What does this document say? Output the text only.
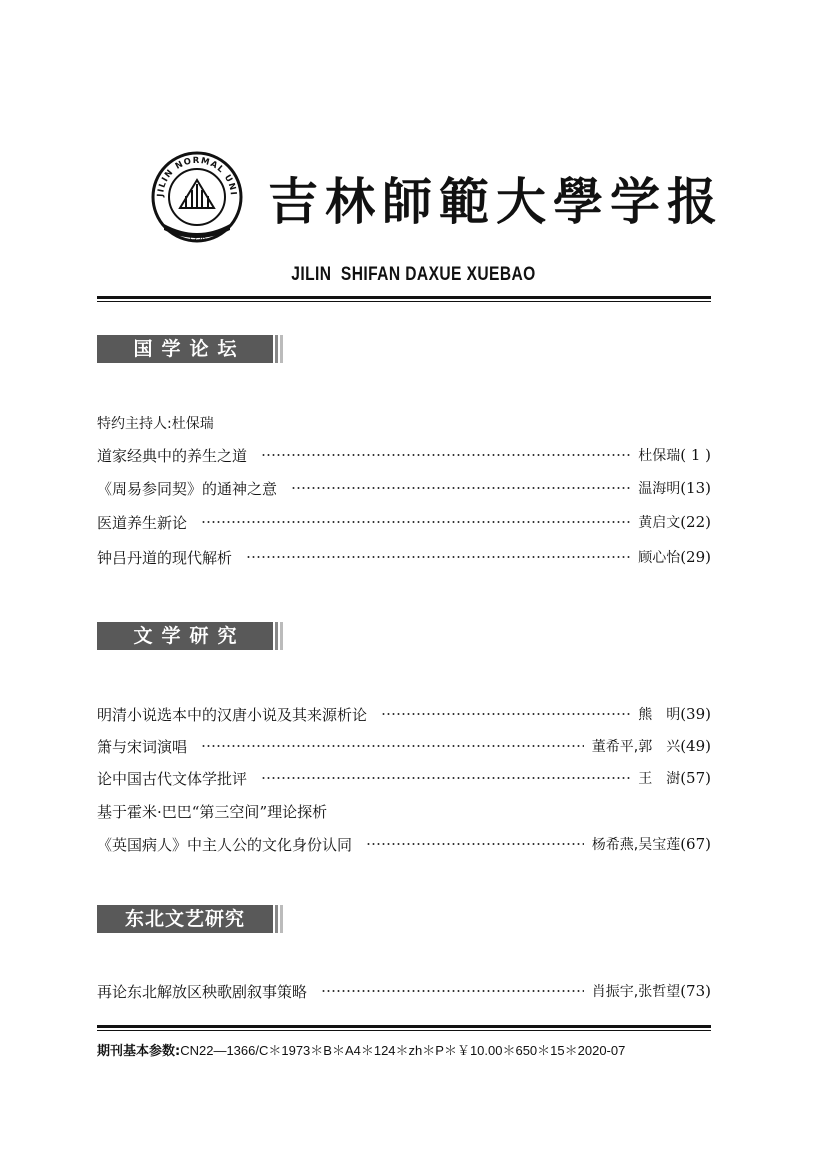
JILIN NORMAL UNI
1958
吉林師範大學学报
JILIN  SHIFAN DAXUE XUEBAO
国学论坛
特约主持人:杜保瑞
道家经典中的养生之道	杜保瑞 ( 1 )
《周易参同契》的通神之意	温海明 (13)
医道养生新论	黄启文 (22)
钟吕丹道的现代解析	顾心怡 (29)
文学研究
明清小说选本中的汉唐小说及其来源析论	熊　明 (39)
箫与宋词演唱	董希平,郭　兴 (49)
论中国古代文体学批评	王　澍 (57)
基于霍米·巴巴“第三空间”理论探析
《英国病人》中主人公的文化身份认同	杨希燕,吴宝莲 (67)
东北文艺研究
再论东北解放区秧歌剧叙事策略	肖振宇,张哲望 (73)
期刊基本参数:CN22—1366/C＊1973＊B＊A4＊124＊zh＊P＊￥10.00＊650＊15＊2020-07
